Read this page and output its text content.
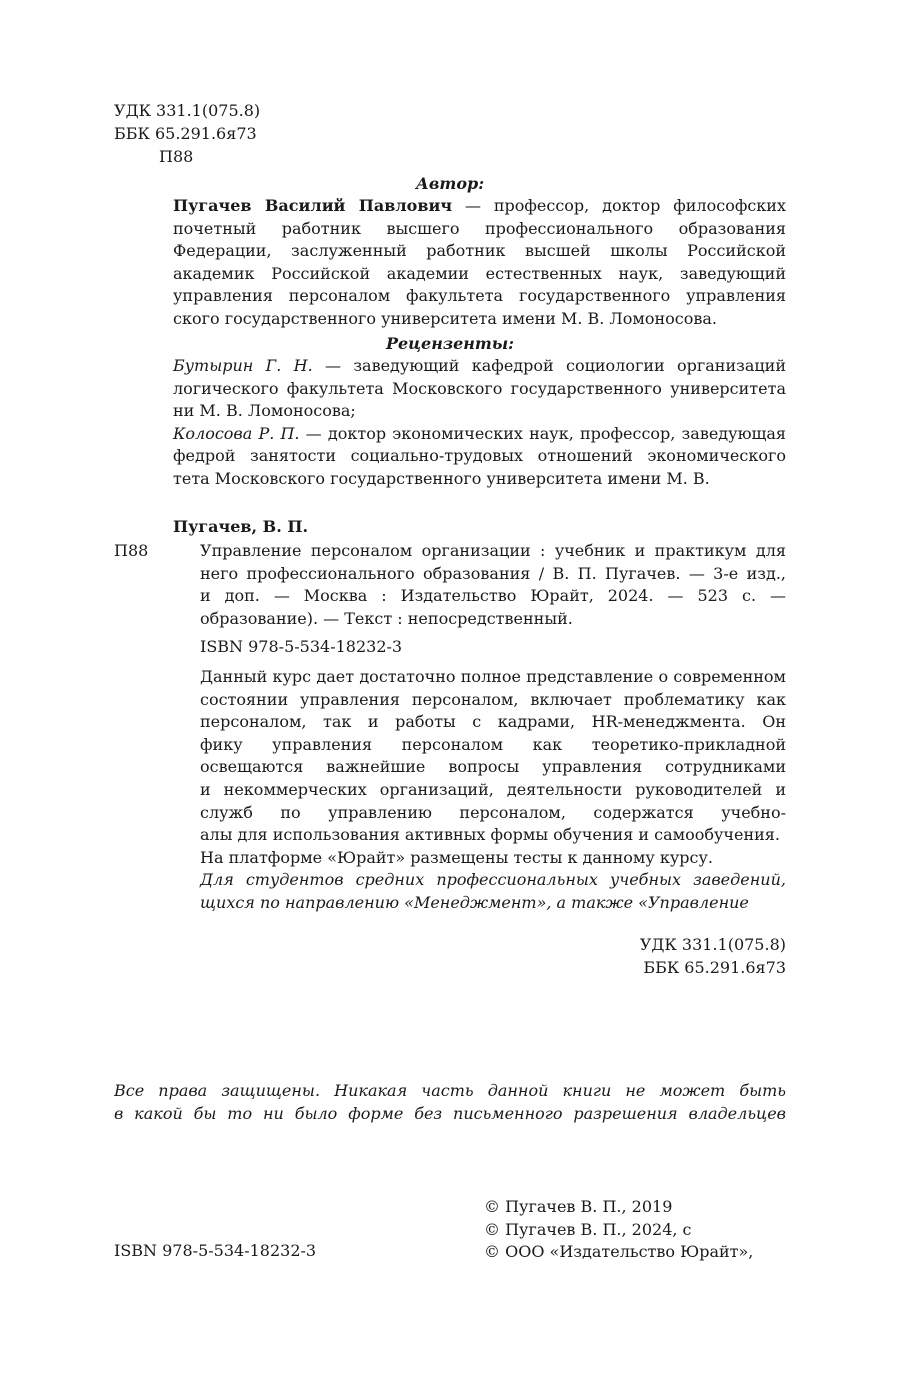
УДК 331.1(075.8)
ББК 65.291.6я73
П88
Автор:
Пугачев Василий Павлович — профессор, доктор философских
почетный работник высшего профессионального образования
Федерации, заслуженный работник высшей школы Российской
академик Российской академии естественных наук, заведующий
управления персоналом факультета государственного управления
ского государственного университета имени М. В. Ломоносова.
Рецензенты:
Бутырин Г. Н. — заведующий кафедрой социологии организаций
логического факультета Московского государственного университета
ни М. В. Ломоносова;
Колосова Р. П. — доктор экономических наук, профессор, заведующая
федрой занятости социально-трудовых отношений экономического
тета Московского государственного университета имени М. В.
Пугачев, В. П.
П88	Управление персоналом организации : учебник и практикум для
него профессионального образования / В. П. Пугачев. — 3-е изд.,
и доп. — Москва : Издательство Юрайт, 2024. — 523 с. —
образование). — Текст : непосредственный.
ISBN 978-5-534-18232-3
Данный курс дает достаточно полное представление о современном
состоянии управления персоналом, включает проблематику как
персоналом, так и работы с кадрами, HR-менеджмента. Он
фику управления персоналом как теоретико-прикладной
освещаются важнейшие вопросы управления сотрудниками
и некоммерческих организаций, деятельности руководителей и
служб по управлению персоналом, содержатся учебно-
алы для использования активных формы обучения и самообучения.
На платформе «Юрайт» размещены тесты к данному курсу.
Для студентов средних профессиональных учебных заведений,
щихся по направлению «Менеджмент», а также «Управление
УДК 331.1(075.8)
ББК 65.291.6я73
Все права защищены. Никакая часть данной книги не может быть
в какой бы то ни было форме без письменного разрешения владельцев
© Пугачев В. П., 2019
© Пугачев В. П., 2024, с
© ООО «Издательство Юрайт»,
ISBN 978-5-534-18232-3
